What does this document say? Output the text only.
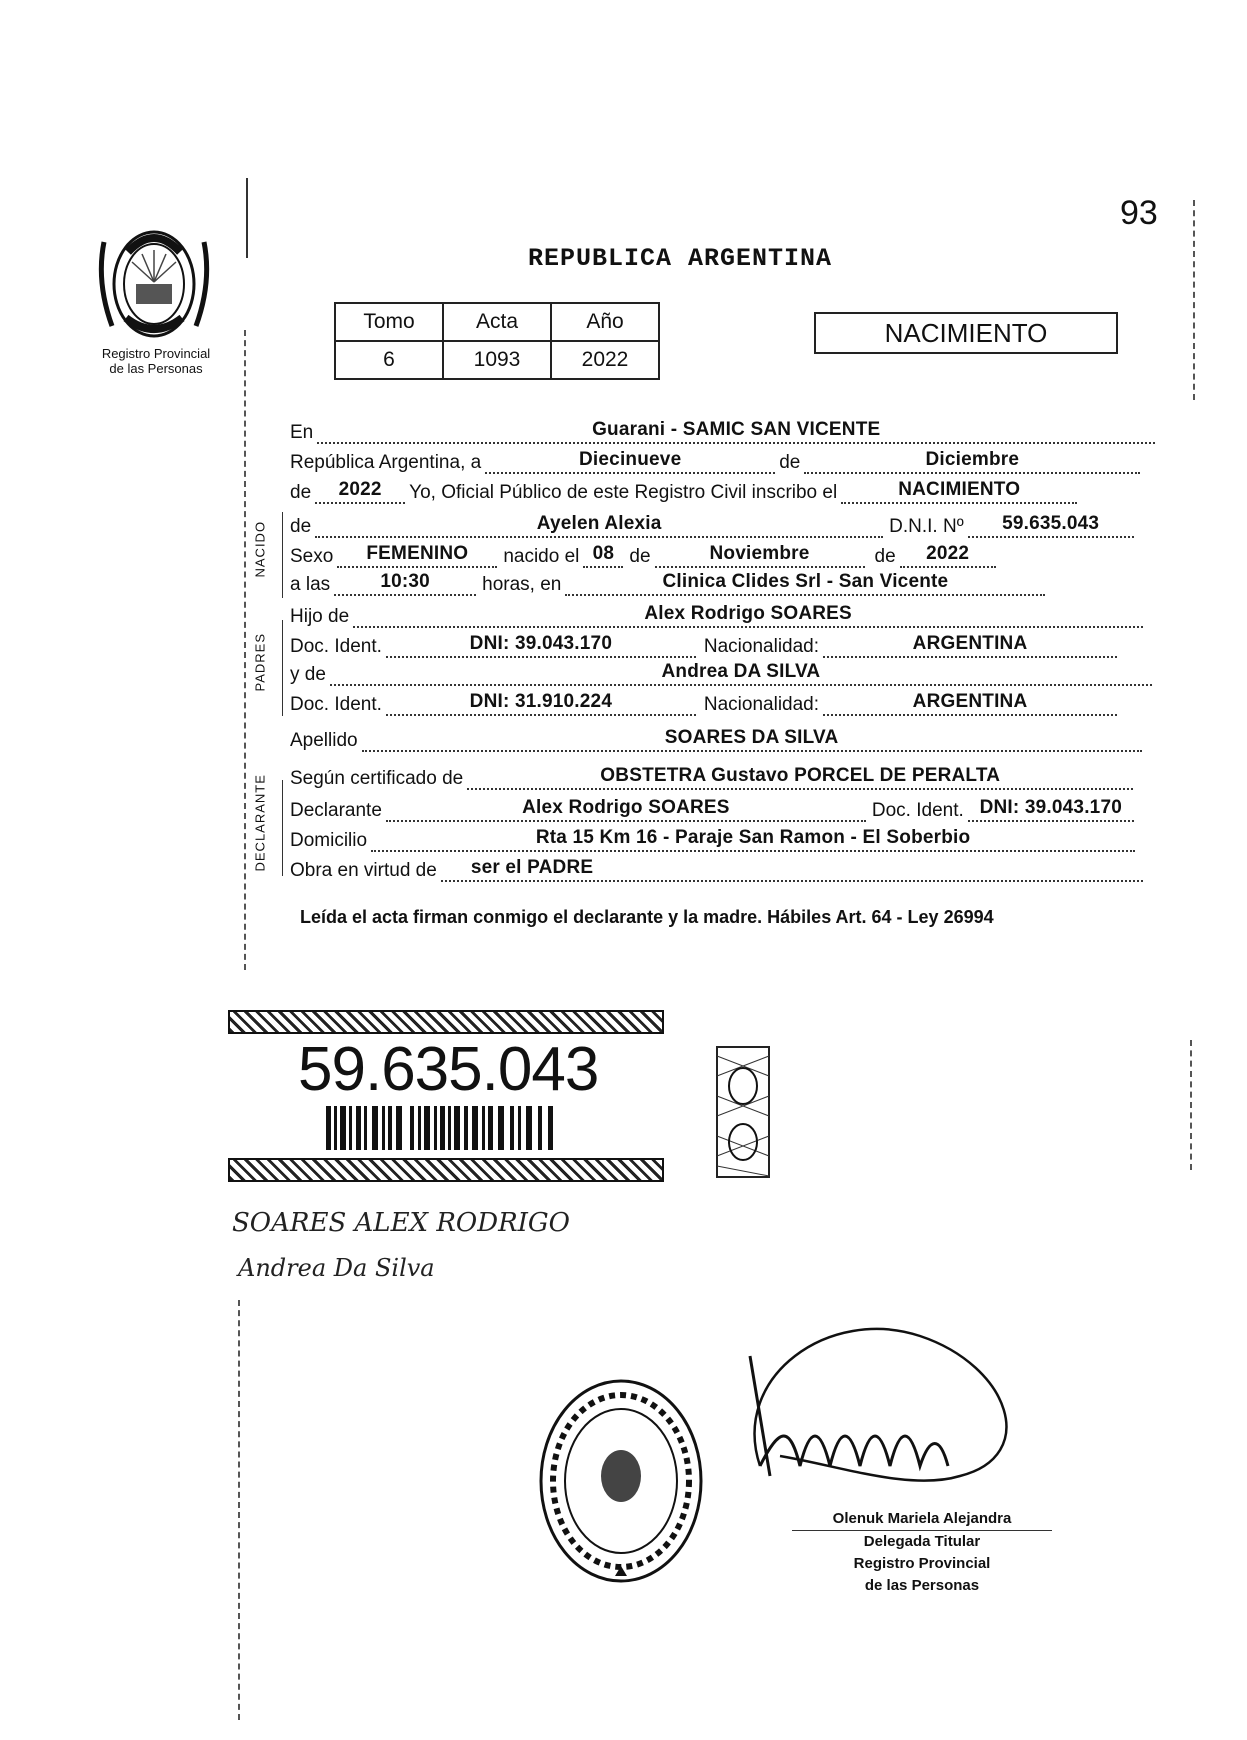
Registro Provincial
de las Personas
93
REPUBLICA ARGENTINA
Tomo	Acta	Año
6	1093	2022
NACIMIENTO
En	Guarani - SAMIC SAN VICENTE
República Argentina, a	Diecinueve	de	Diciembre
de	2022	Yo, Oficial Público de este Registro Civil inscribo el	NACIMIENTO
de	Ayelen Alexia	D.N.I. Nº	59.635.043
Sexo	FEMENINO	nacido el 08 de	Noviembre	de	2022
a las	10:30	horas, en	Clinica Clides Srl - San Vicente
Hijo de	Alex Rodrigo SOARES
Doc. Ident.	DNI: 39.043.170	Nacionalidad:	ARGENTINA
y de	Andrea DA SILVA
Doc. Ident.	DNI: 31.910.224	Nacionalidad:	ARGENTINA
Apellido	SOARES DA SILVA
Según certificado de	OBSTETRA Gustavo PORCEL DE PERALTA
Declarante	Alex Rodrigo SOARES	Doc. Ident. DNI: 39.043.170
Domicilio	Rta 15 Km 16 - Paraje San Ramon - El Soberbio
Obra en virtud de	ser el PADRE
Leída el acta firman conmigo el declarante y la madre. Hábiles Art. 64 - Ley 26994
NACIDO
PADRES
DECLARANTE
59.635.043
SOARES ALEX RODRIGO
Andrea Da Silva
Olenuk Mariela Alejandra
Delegada Titular
Registro Provincial
de las Personas
